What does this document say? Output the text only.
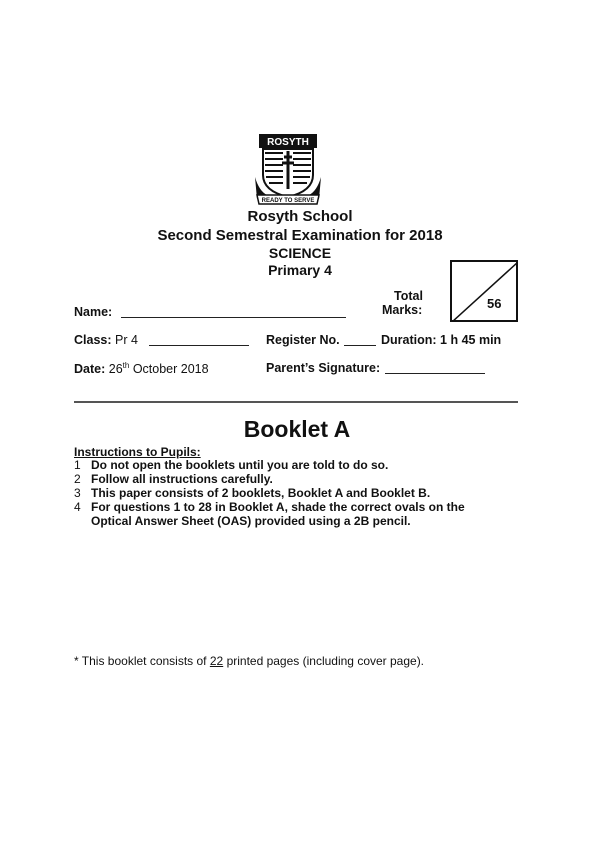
ROSYTH
READY TO SERVE
Rosyth School
Second Semestral Examination for 2018
SCIENCE
Primary 4
Total
Marks:	56
Name:
Class: Pr 4	Register No.	Duration: 1 h 45 min
Date: 26th October 2018	Parent’s Signature:
Booklet A
Instructions to Pupils:
1 Do not open the booklets until you are told to do so.
2 Follow all instructions carefully.
3 This paper consists of 2 booklets, Booklet A and Booklet B.
4 For questions 1 to 28 in Booklet A, shade the correct ovals on the Optical Answer Sheet (OAS) provided using a 2B pencil.
* This booklet consists of 22 printed pages (including cover page).
